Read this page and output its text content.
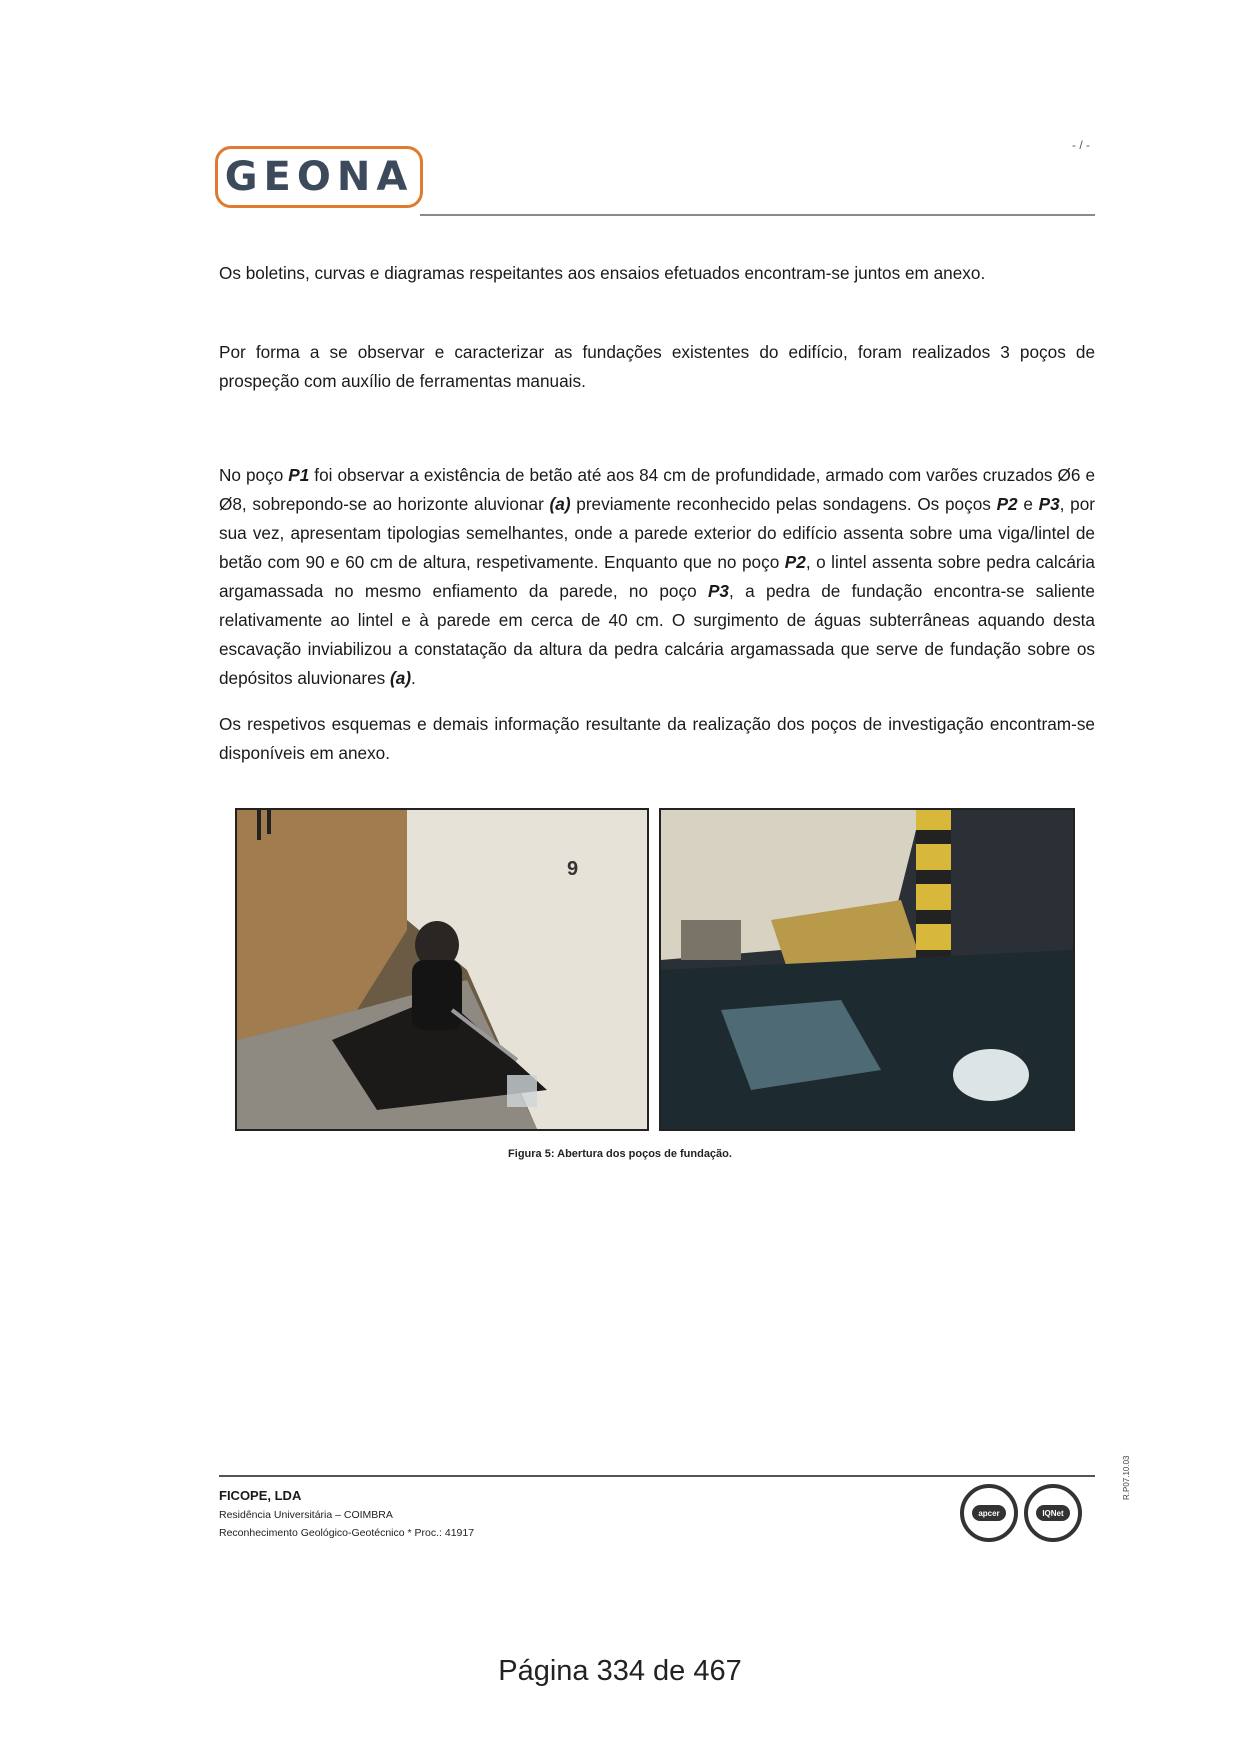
GEONA
- / -

Os boletins, curvas e diagramas respeitantes aos ensaios efetuados encontram-se juntos em anexo.

Por forma a se observar e caracterizar as fundações existentes do edifício, foram realizados 3 poços de prospeção com auxílio de ferramentas manuais.

No poço P1 foi observar a existência de betão até aos 84 cm de profundidade, armado com varões cruzados Ø6 e Ø8, sobrepondo-se ao horizonte aluvionar (a) previamente reconhecido pelas sondagens. Os poços P2 e P3, por sua vez, apresentam tipologias semelhantes, onde a parede exterior do edifício assenta sobre uma viga/lintel de betão com 90 e 60 cm de altura, respetivamente. Enquanto que no poço P2, o lintel assenta sobre pedra calcária argamassada no mesmo enfiamento da parede, no poço P3, a pedra de fundação encontra-se saliente relativamente ao lintel e à parede em cerca de 40 cm. O surgimento de águas subterrâneas aquando desta escavação inviabilizou a constatação da altura da pedra calcária argamassada que serve de fundação sobre os depósitos aluvionares (a).

Os respetivos esquemas e demais informação resultante da realização dos poços de investigação encontram-se disponíveis em anexo.

9
Figura 5: Abertura dos poços de fundação.
FICOPE, LDA
Residência Universitária – COIMBRA
Reconhecimento Geológico-Geotécnico * Proc.: 41917
apcer	IQNet
R.P07.10.03
Página 334 de 467
